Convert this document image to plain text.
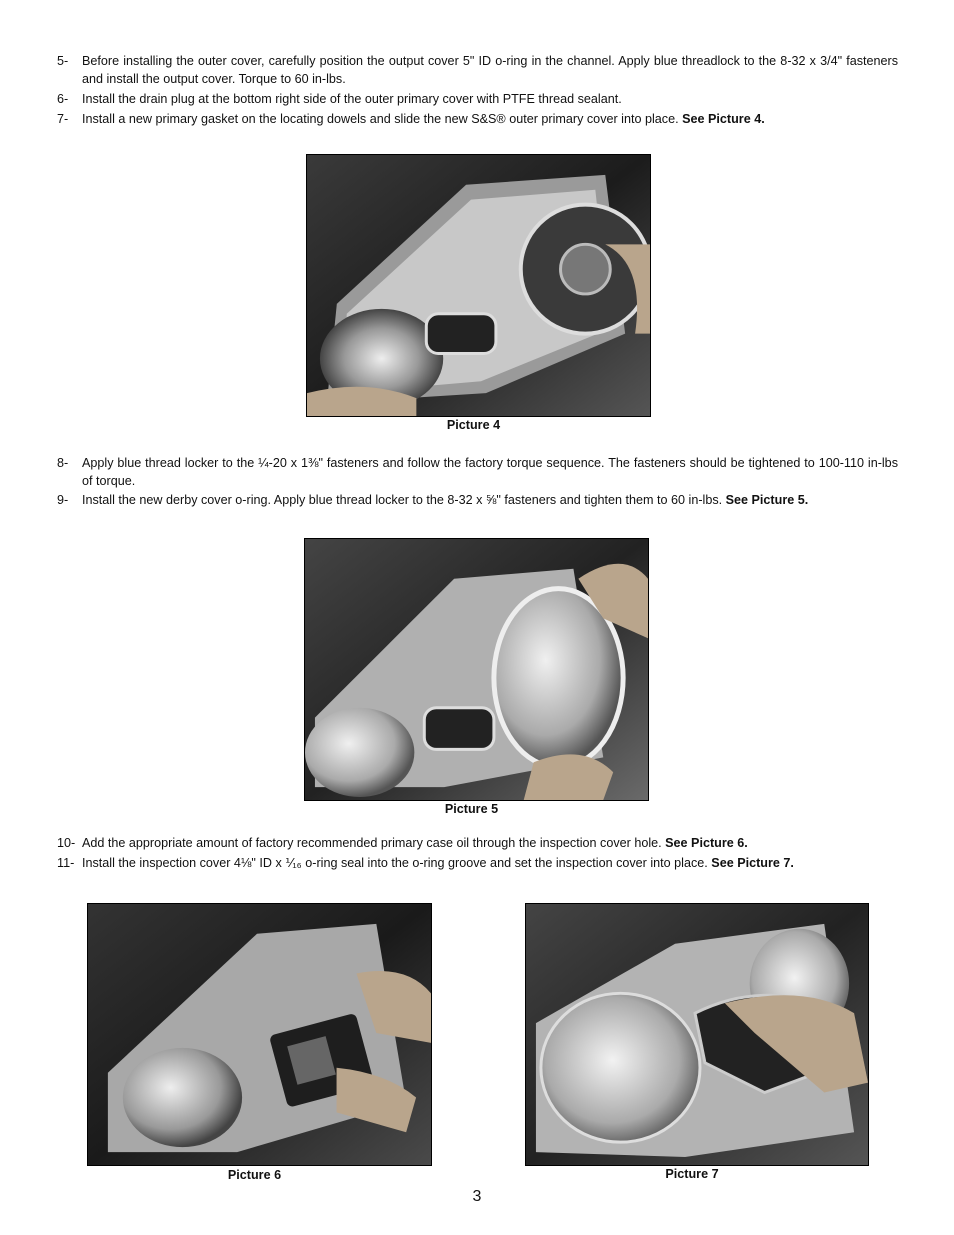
5- Before installing the outer cover, carefully position the output cover 5" ID o-ring in the channel. Apply blue threadlock to the 8-32 x 3/4" fasteners and install the output cover. Torque to 60 in-lbs.
6- Install the drain plug at the bottom right side of the outer primary cover with PTFE thread sealant.
7- Install a new primary gasket on the locating dowels and slide the new S&S® outer primary cover into place. See Picture 4.
Picture 4
8- Apply blue thread locker to the ¼-20 x 1⅜" fasteners and follow the factory torque sequence. The fasteners should be tightened to 100-110 in-lbs of torque.
9- Install the new derby cover o-ring. Apply blue thread locker to the 8-32 x ⅝" fasteners and tighten them to 60 in-lbs. See Picture 5.
Picture 5
10- Add the appropriate amount of factory recommended primary case oil through the inspection cover hole. See Picture 6.
11- Install the inspection cover 4⅛" ID x ⅟₁₆ o-ring seal into the o-ring groove and set the inspection cover into place. See Picture 7.
Picture 6	Picture 7
3
